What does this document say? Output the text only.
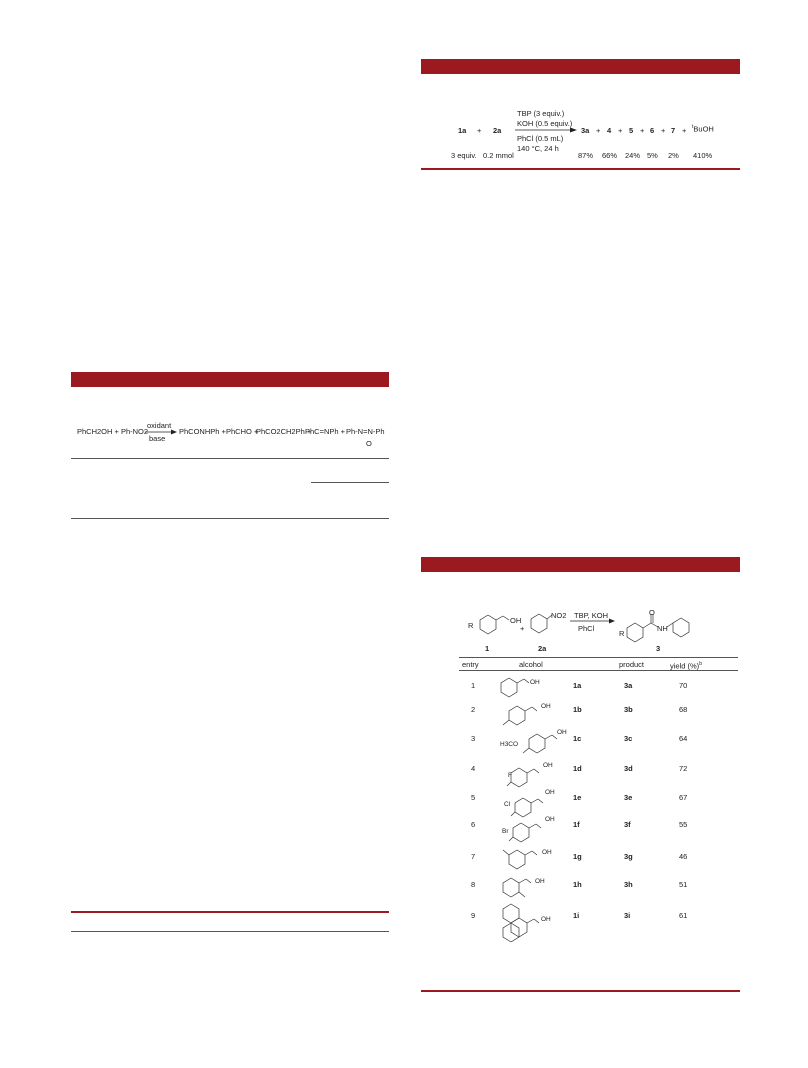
1a + 2a
3 equiv. 0.2 mmol
TBP (3 equiv.)
KOH (0.5 equiv.)
PhCl (0.5 mL)
140 °C, 24 h
3a + 4 + 5 + 6 + 7 + $^t$BuOH
87% 66% 24% 5% 2% 410%
PhCH2OH + Ph-NO2
oxidant
base
PhCONHPh + PhCHO +
PhCO2CH2Ph +
PhC=NPh + Ph-N=N-Ph
O
R
OH
+
NO2 TBP, KOH
PhCl
O
NH
R
1	2a	3
entry	alcohol	product	yield (%)$^b$
1	1a	3a	70
2	1b	3b	68
3	1c	3c	64
4	1d	3d	72
5	1e	3e	67
6	1f	3f	55
7	1g	3g	46
8	1h	3h	51
9	1i	3i	61
OH
OH
OH
H3CO
OH
F
OH
Cl
OH
Br
OH
OH
OH
